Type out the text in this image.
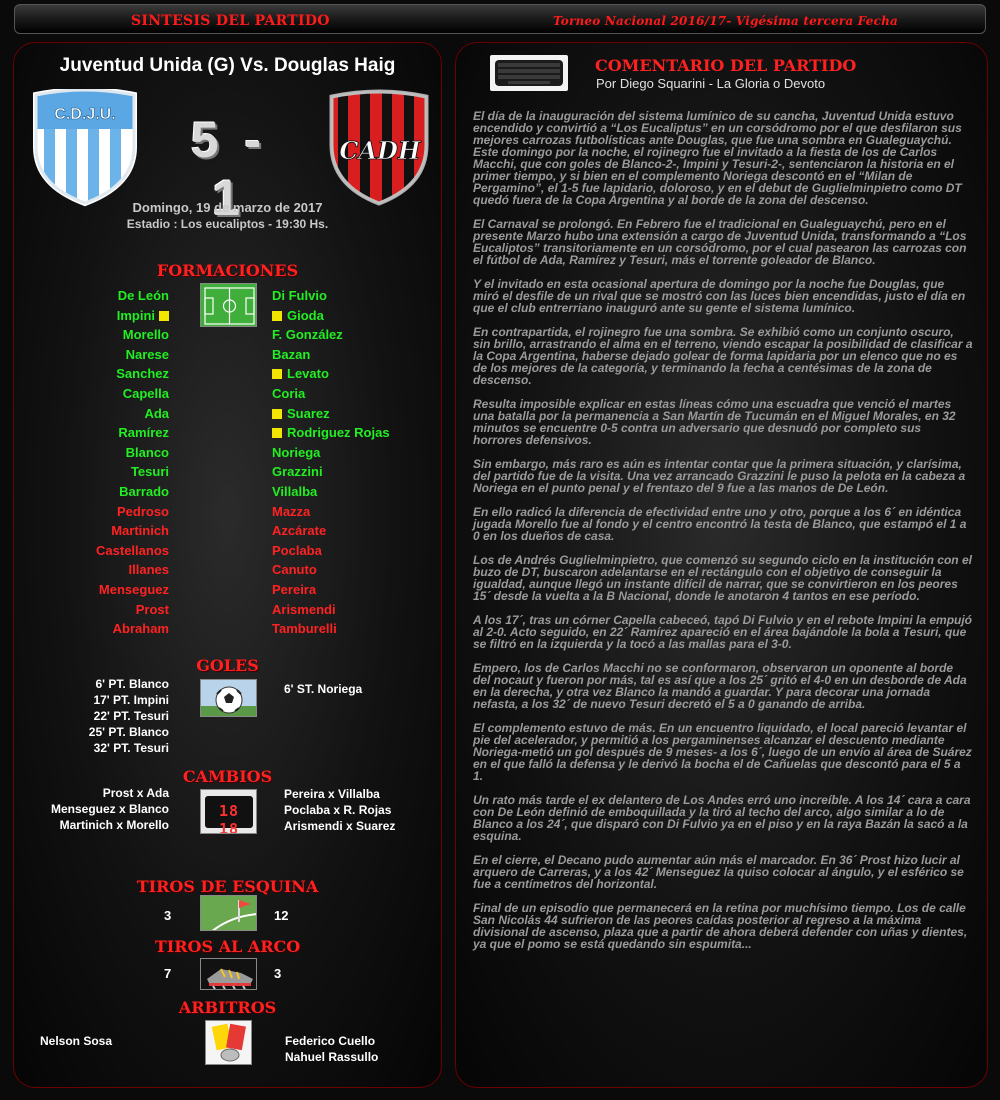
SINTESIS DEL PARTIDO	Torneo Nacional 2016/17- Vigésima tercera Fecha
Juventud Unida (G) Vs. Douglas Haig
C.D.J.U.	5 - 1
CADH
Domingo, 19 de marzo de 2017
Estadio : Los eucaliptos - 19:30 Hs.
FORMACIONES
De León
Impini
Morello
Narese
Sanchez
Capella
Ada
Ramírez
Blanco
Tesuri
Barrado
Pedroso
Martinich
Castellanos
Illanes
Menseguez
Prost
Abraham
Di Fulvio
Gioda
F. González
Bazan
Levato
Coria
Suarez
Rodriguez Rojas
Noriega
Grazzini
Villalba
Mazza
Azcárate
Poclaba
Canuto
Pereira
Arismendi
Tamburelli
GOLES
6' PT. Blanco
17' PT. Impini
22' PT. Tesuri
25' PT. Blanco
32' PT. Tesuri
6' ST. Noriega
CAMBIOS
18 18
Prost x Ada
Menseguez x Blanco
Martinich x Morello
Pereira x Villalba
Poclaba x R. Rojas
Arismendi x Suarez
TIROS DE ESQUINA
3	12
TIROS AL ARCO
7	3
ARBITROS
Nelson Sosa	Federico Cuello
Nahuel Rassullo
COMENTARIO DEL PARTIDO
Por Diego Squarini - La Gloria o Devoto

El día de la inauguración del sistema lumínico de su cancha, Juventud Unida estuvo encendido y convirtió a “Los Eucaliptus” en un corsódromo por el que desfilaron sus mejores carrozas futbolísticas ante Douglas, que fue una sombra en Gualeguaychú. Este domingo por la noche, el rojinegro fue el invitado a la fiesta de los de Carlos Macchi, que con goles de Blanco-2-, Impini y Tesuri-2-, sentenciaron la historia en el primer tiempo, y si bien en el complemento Noriega descontó en el “Milan de Pergamino”, el 1-5 fue lapidario, doloroso, y en el debut de Guglielminpietro como DT quedó fuera de la Copa Argentina y al borde de la zona del descenso.

El Carnaval se prolongó. En Febrero fue el tradicional en Gualeguaychú, pero en el presente Marzo hubo una extensión a cargo de Juventud Unida, transformando a “Los Eucaliptos” transitoriamente en un corsódromo, por el cual pasearon las carrozas con el fútbol de Ada, Ramírez y Tesuri, más el torrente goleador de Blanco.

Y el invitado en esta ocasional apertura de domingo por la noche fue Douglas, que miró el desfile de un rival que se mostró con las luces bien encendidas, justo el día en que el club entrerriano inauguró ante su gente el sistema lumínico.

En contrapartida, el rojinegro fue una sombra. Se exhibió como un conjunto oscuro, sin brillo, arrastrando el alma en el terreno, viendo escapar la posibilidad de clasificar a la Copa Argentina, haberse dejado golear de forma lapidaria por un elenco que no es de los mejores de la categoría, y terminando la fecha a centésimas de la zona de descenso.

Resulta imposible explicar en estas líneas cómo una escuadra que venció el martes una batalla por la permanencia a San Martín de Tucumán en el Miguel Morales, en 32 minutos se encuentre 0-5 contra un adversario que desnudó por completo sus horrores defensivos.

Sin embargo, más raro es aún es intentar contar que la primera situación, y clarísima, del partido fue de la visita. Una vez arrancado Grazzini le puso la pelota en la cabeza a Noriega en el punto penal y el frentazo del 9 fue a las manos de De León.

En ello radicó la diferencia de efectividad entre uno y otro, porque a los 6´ en idéntica jugada Morello fue al fondo y el centro encontró la testa de Blanco, que estampó el 1 a 0 en los dueños de casa.

Los de Andrés Guglielminpietro, que comenzó su segundo ciclo en la institución con el buzo de DT, buscaron adelantarse en el rectángulo con el objetivo de conseguir la igualdad, aunque llegó un instante difícil de narrar, que se convirtieron en los peores 15´ desde la vuelta a la B Nacional, donde le anotaron 4 tantos en ese período.

A los 17´, tras un córner Capella cabeceó, tapó Di Fulvio y en el rebote Impini la empujó al 2-0. Acto seguido, en 22´ Ramírez apareció en el área bajándole la bola a Tesuri, que se filtró en la izquierda y la tocó a las mallas para el 3-0.

Empero, los de Carlos Macchi no se conformaron, observaron un oponente al borde del nocaut y fueron por más, tal es así que a los 25´ gritó el 4-0 en un desborde de Ada en la derecha, y otra vez Blanco la mandó a guardar. Y para decorar una jornada nefasta, a los 32´ de nuevo Tesuri decretó el 5 a 0 ganando de arriba.

El complemento estuvo de más. En un encuentro liquidado, el local pareció levantar el pie del acelerador, y permitió a los pergaminenses alcanzar el descuento mediante Noriega-metió un gol después de 9 meses- a los 6´, luego de un envío al área de Suárez en el que falló la defensa y le derivó la bocha el de Cañuelas que descontó para el 5 a 1.

Un rato más tarde el ex delantero de Los Andes erró uno increíble. A los 14´ cara a cara con De León definió de emboquillada y la tiró al techo del arco, algo similar a lo de Blanco a los 24´, que disparó con Di Fulvio ya en el piso y en la raya Bazán la sacó a la esquina.

En el cierre, el Decano pudo aumentar aún más el marcador. En 36´ Prost hizo lucir al arquero de Carreras, y a los 42´ Menseguez la quiso colocar al ángulo, y el esférico se fue a centímetros del horizontal.

Final de un episodio que permanecerá en la retina por muchísimo tiempo. Los de calle San Nicolás 44 sufrieron de las peores caídas posterior al regreso a la máxima divisional de ascenso, plaza que a partir de ahora deberá defender con uñas y dientes, ya que el pomo se está quedando sin espumita...
